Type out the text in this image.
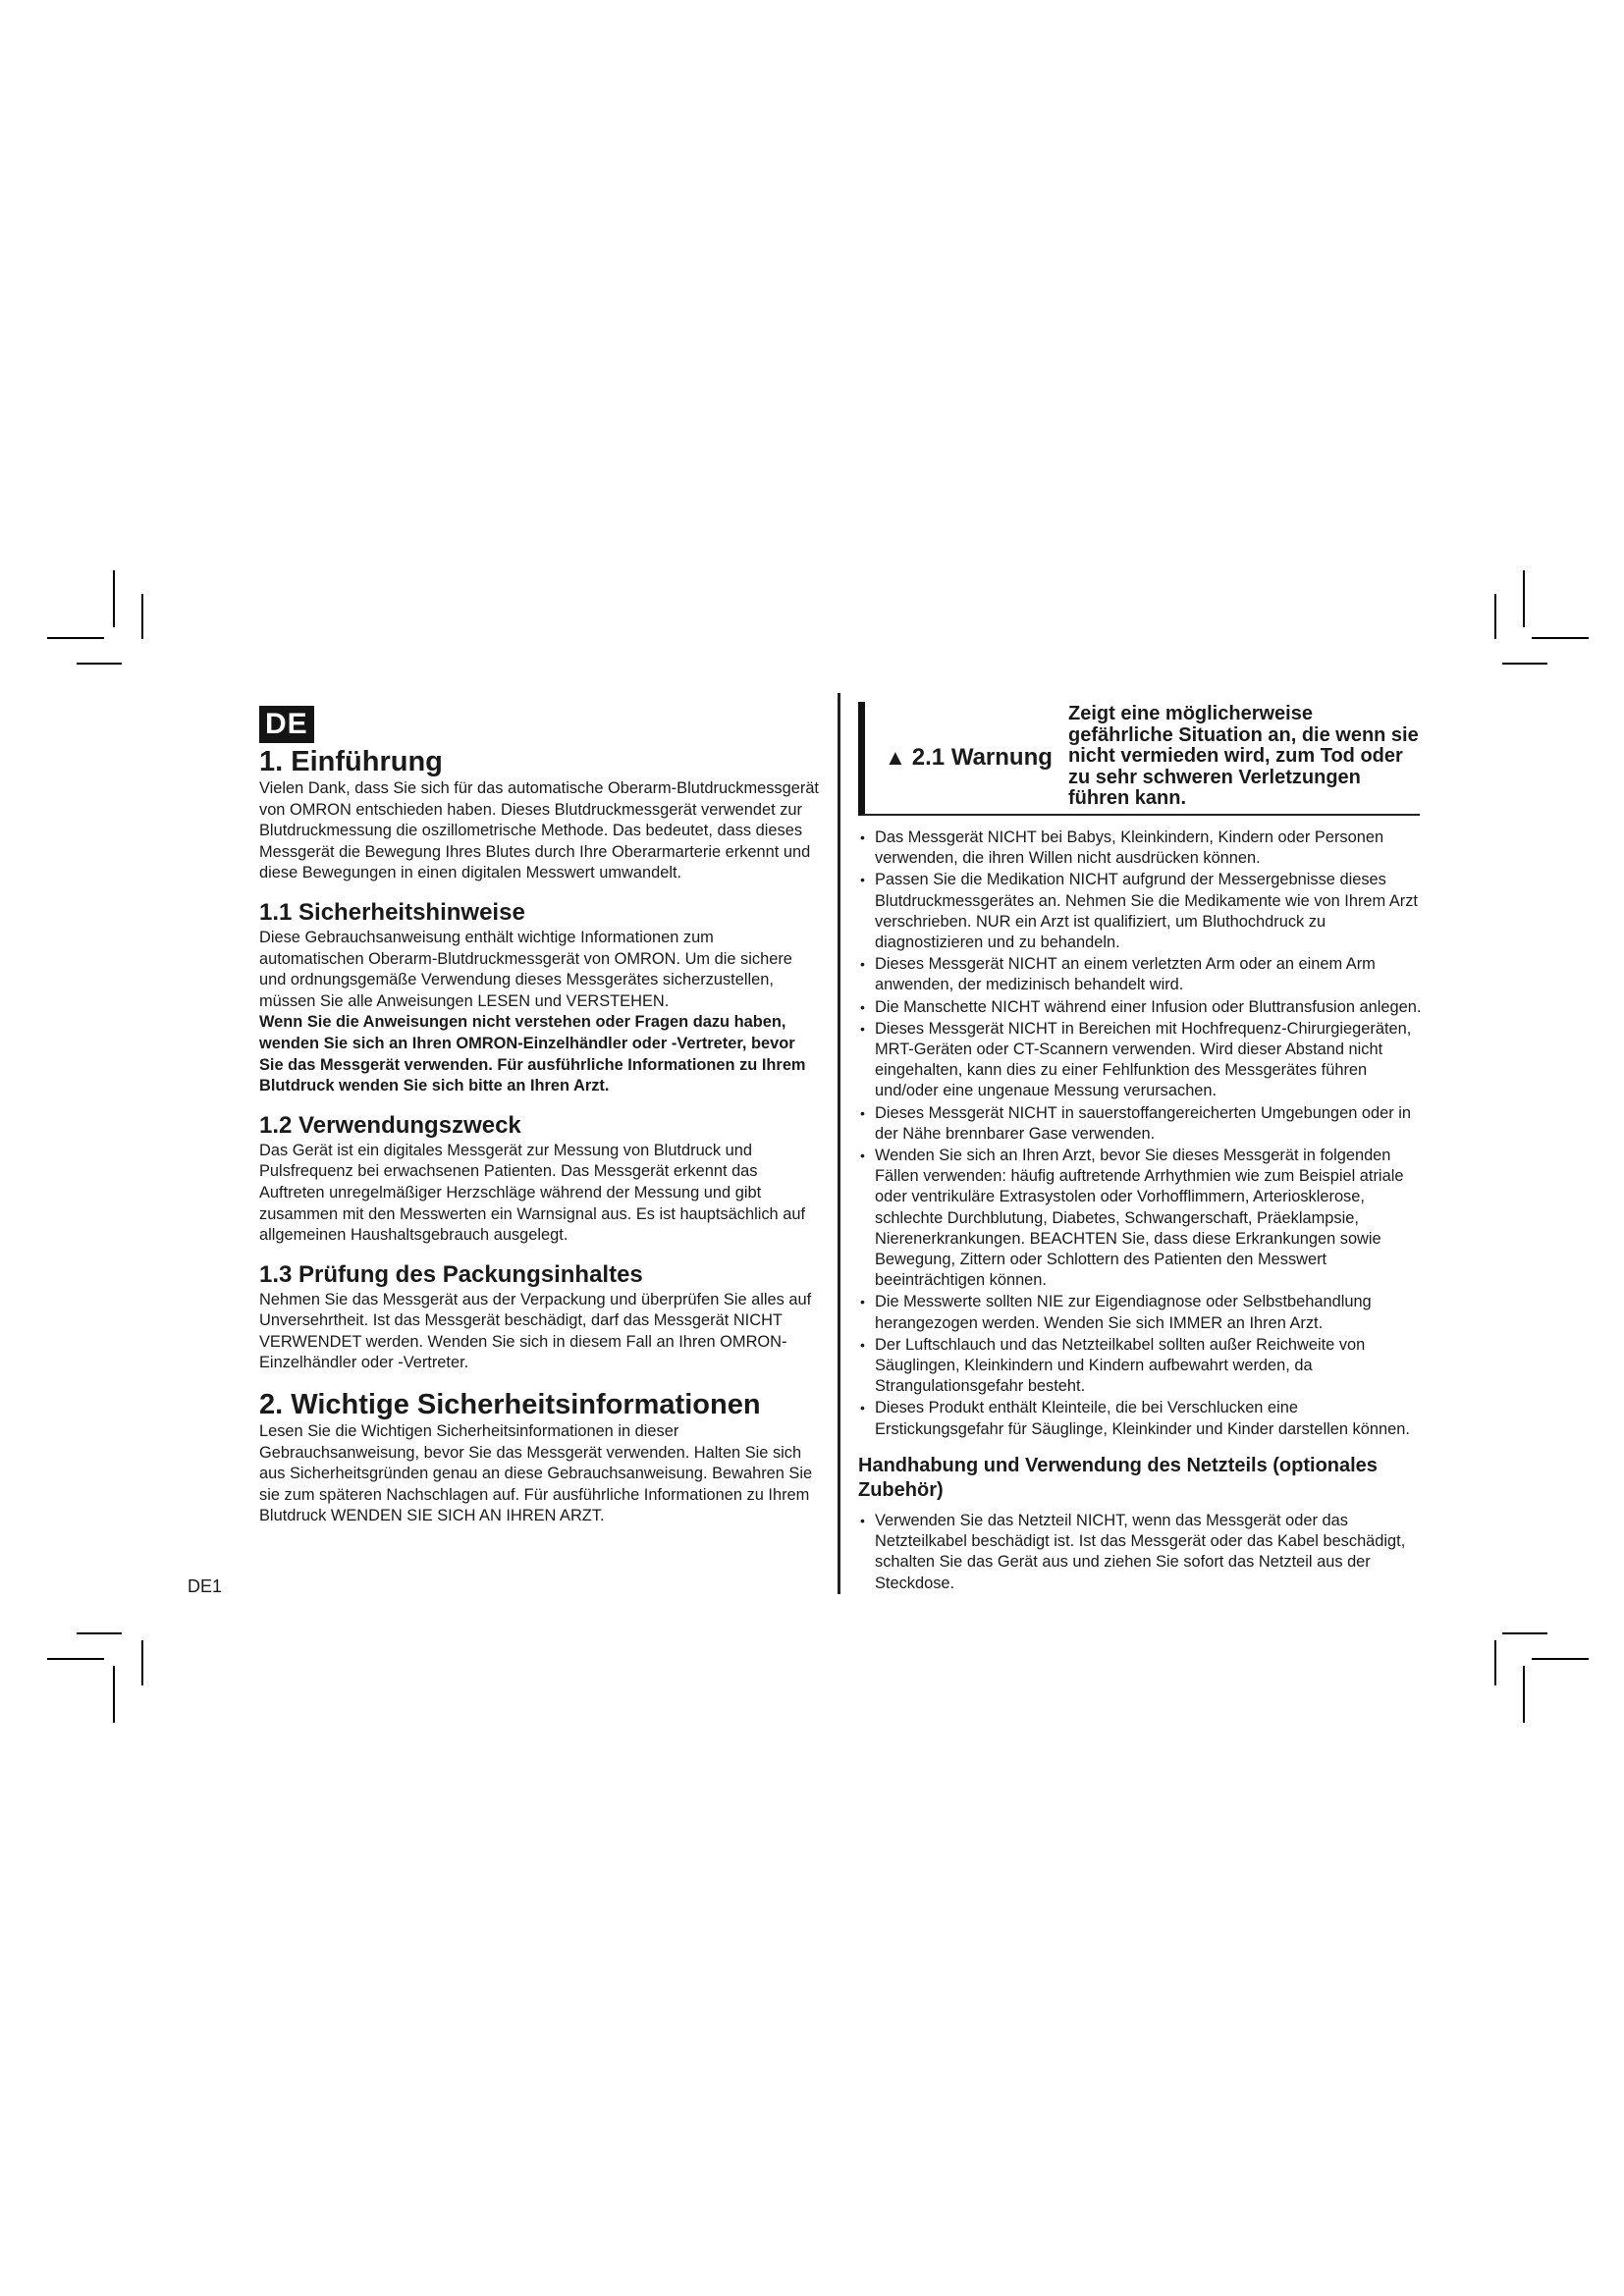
DE
1. Einführung

Vielen Dank, dass Sie sich für das automatische Oberarm-Blutdruckmessgerät von OMRON entschieden haben. Dieses Blutdruckmessgerät verwendet zur Blutdruckmessung die oszillometrische Methode. Das bedeutet, dass dieses Messgerät die Bewegung Ihres Blutes durch Ihre Oberarmarterie erkennt und diese Bewegungen in einen digitalen Messwert umwandelt.

1.1 Sicherheitshinweise

Diese Gebrauchsanweisung enthält wichtige Informationen zum automatischen Oberarm-Blutdruckmessgerät von OMRON. Um die sichere und ordnungsgemäße Verwendung dieses Messgerätes sicherzustellen, müssen Sie alle Anweisungen LESEN und VERSTEHEN.

Wenn Sie die Anweisungen nicht verstehen oder Fragen dazu haben, wenden Sie sich an Ihren OMRON-Einzelhändler oder -Vertreter, bevor Sie das Messgerät verwenden. Für ausführliche Informationen zu Ihrem Blutdruck wenden Sie sich bitte an Ihren Arzt.

1.2 Verwendungszweck

Das Gerät ist ein digitales Messgerät zur Messung von Blutdruck und Pulsfrequenz bei erwachsenen Patienten. Das Messgerät erkennt das Auftreten unregelmäßiger Herzschläge während der Messung und gibt zusammen mit den Messwerten ein Warnsignal aus. Es ist hauptsächlich auf allgemeinen Haushaltsgebrauch ausgelegt.

1.3 Prüfung des Packungsinhaltes

Nehmen Sie das Messgerät aus der Verpackung und überprüfen Sie alles auf Unversehrtheit. Ist das Messgerät beschädigt, darf das Messgerät NICHT VERWENDET werden. Wenden Sie sich in diesem Fall an Ihren OMRON-Einzelhändler oder -Vertreter.

2. Wichtige Sicherheitsinformationen

Lesen Sie die Wichtigen Sicherheitsinformationen in dieser Gebrauchsanweisung, bevor Sie das Messgerät verwenden. Halten Sie sich aus Sicherheitsgründen genau an diese Gebrauchsanweisung. Bewahren Sie sie zum späteren Nachschlagen auf. Für ausführliche Informationen zu Ihrem Blutdruck WENDEN SIE SICH AN IHREN ARZT.

▲ 2.1 Warnung
Zeigt eine möglicherweise gefährliche Situation an, die wenn sie nicht vermieden wird, zum Tod oder zu sehr schweren Verletzungen führen kann.
• Das Messgerät NICHT bei Babys, Kleinkindern, Kindern oder Personen verwenden, die ihren Willen nicht ausdrücken können.
• Passen Sie die Medikation NICHT aufgrund der Messergebnisse dieses Blutdruckmessgerätes an. Nehmen Sie die Medikamente wie von Ihrem Arzt verschrieben. NUR ein Arzt ist qualifiziert, um Bluthochdruck zu diagnostizieren und zu behandeln.
• Dieses Messgerät NICHT an einem verletzten Arm oder an einem Arm anwenden, der medizinisch behandelt wird.
• Die Manschette NICHT während einer Infusion oder Bluttransfusion anlegen.
• Dieses Messgerät NICHT in Bereichen mit Hochfrequenz-Chirurgiegeräten, MRT-Geräten oder CT-Scannern verwenden. Wird dieser Abstand nicht eingehalten, kann dies zu einer Fehlfunktion des Messgerätes führen und/oder eine ungenaue Messung verursachen.
• Dieses Messgerät NICHT in sauerstoffangereicherten Umgebungen oder in der Nähe brennbarer Gase verwenden.
• Wenden Sie sich an Ihren Arzt, bevor Sie dieses Messgerät in folgenden Fällen verwenden: häufig auftretende Arrhythmien wie zum Beispiel atriale oder ventrikuläre Extrasystolen oder Vorhofflimmern, Arteriosklerose, schlechte Durchblutung, Diabetes, Schwangerschaft, Präeklampsie, Nierenerkrankungen. BEACHTEN Sie, dass diese Erkrankungen sowie Bewegung, Zittern oder Schlottern des Patienten den Messwert beeinträchtigen können.
• Die Messwerte sollten NIE zur Eigendiagnose oder Selbstbehandlung herangezogen werden. Wenden Sie sich IMMER an Ihren Arzt.
• Der Luftschlauch und das Netzteilkabel sollten außer Reichweite von Säuglingen, Kleinkindern und Kindern aufbewahrt werden, da Strangulationsgefahr besteht.
• Dieses Produkt enthält Kleinteile, die bei Verschlucken eine Erstickungsgefahr für Säuglinge, Kleinkinder und Kinder darstellen können.
Handhabung und Verwendung des Netzteils (optionales Zubehör)
• Verwenden Sie das Netzteil NICHT, wenn das Messgerät oder das Netzteilkabel beschädigt ist. Ist das Messgerät oder das Kabel beschädigt, schalten Sie das Gerät aus und ziehen Sie sofort das Netzteil aus der Steckdose.
DE1
